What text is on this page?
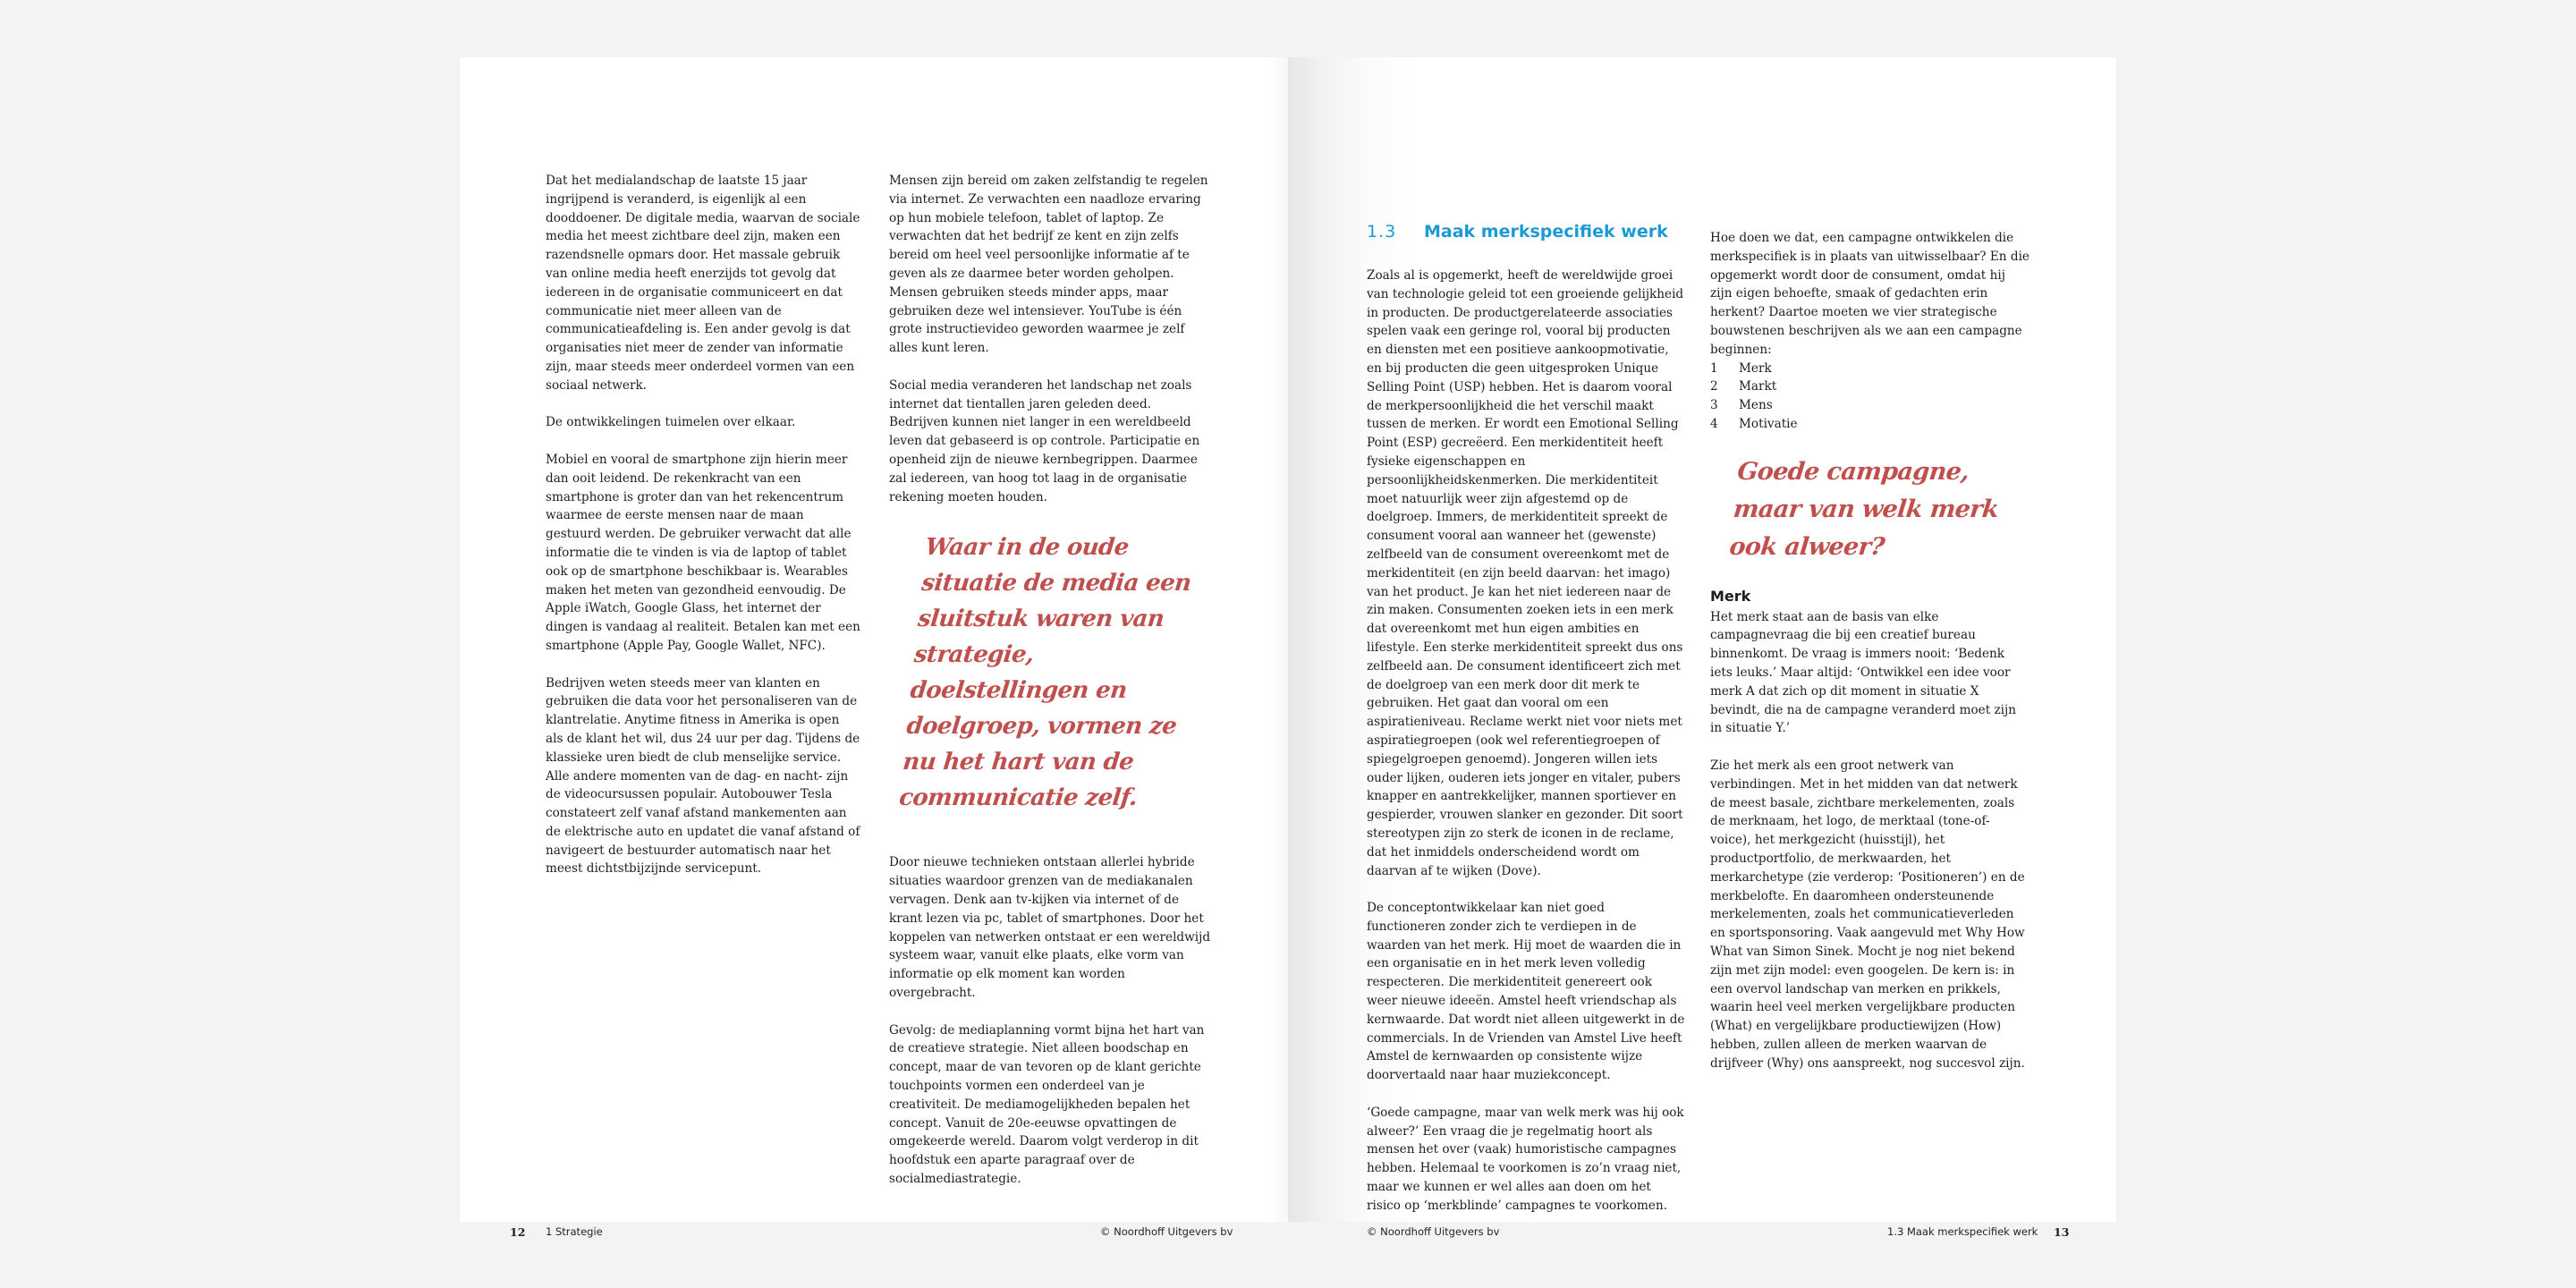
Dat het medialandschap de laatste 15 jaar ingrijpend is veranderd, is eigenlijk al een dooddoener. De digitale media, waarvan de sociale media het meest zichtbare deel zijn, maken een razendsnelle opmars door. Het massale gebruik van online media heeft enerzijds tot gevolg dat iedereen in de organisatie communiceert en dat communicatie niet meer alleen van de communicatieafdeling is. Een ander gevolg is dat organisaties niet meer de zender van informatie zijn, maar steeds meer onderdeel vormen van een sociaal netwerk.

De ontwikkelingen tuimelen over elkaar.

Mobiel en vooral de smartphone zijn hierin meer dan ooit leidend. De rekenkracht van een smartphone is groter dan van het rekencentrum waarmee de eerste mensen naar de maan gestuurd werden. De gebruiker verwacht dat alle informatie die te vinden is via de laptop of tablet ook op de smartphone beschikbaar is. Wearables maken het meten van gezondheid eenvoudig. De Apple iWatch, Google Glass, het internet der dingen is vandaag al realiteit. Betalen kan met een smartphone (Apple Pay, Google Wallet, NFC).

Bedrijven weten steeds meer van klanten en gebruiken die data voor het personaliseren van de klantrelatie. Anytime fitness in Amerika is open als de klant het wil, dus 24 uur per dag. Tijdens de klassieke uren biedt de club menselijke service. Alle andere momenten van de dag- en nacht- zijn de videocursussen populair. Autobouwer Tesla constateert zelf vanaf afstand mankementen aan de elektrische auto en updatet die vanaf afstand of navigeert de bestuurder automatisch naar het meest dichtstbijzijnde servicepunt.

Mensen zijn bereid om zaken zelfstandig te regelen via internet. Ze verwachten een naadloze ervaring op hun mobiele telefoon, tablet of laptop. Ze verwachten dat het bedrijf ze kent en zijn zelfs bereid om heel veel persoonlijke informatie af te geven als ze daarmee beter worden geholpen. Mensen gebruiken steeds minder apps, maar gebruiken deze wel intensiever. YouTube is één grote instructievideo geworden waarmee je zelf alles kunt leren.

Social media veranderen het landschap net zoals internet dat tientallen jaren geleden deed. Bedrijven kunnen niet langer in een wereldbeeld leven dat gebaseerd is op controle. Participatie en openheid zijn de nieuwe kernbegrippen. Daarmee zal iedereen, van hoog tot laag in de organisatie rekening moeten houden.

Waar in de oude situatie de media een sluitstuk waren van strategie, doelstellingen en doelgroep, vormen ze nu het hart van de communicatie zelf.

Door nieuwe technieken ontstaan allerlei hybride situaties waardoor grenzen van de mediakanalen vervagen. Denk aan tv-kijken via internet of de krant lezen via pc, tablet of smartphones. Door het koppelen van netwerken ontstaat er een wereldwijd systeem waar, vanuit elke plaats, elke vorm van informatie op elk moment kan worden overgebracht.

Gevolg: de mediaplanning vormt bijna het hart van de creatieve strategie. Niet alleen boodschap en concept, maar de van tevoren op de klant gerichte touchpoints vormen een onderdeel van je creativiteit. De mediamogelijkheden bepalen het concept. Vanuit de 20e-eeuwse opvattingen de omgekeerde wereld. Daarom volgt verderop in dit hoofdstuk een aparte paragraaf over de socialmediastrategie.

12 1 Strategie	© Noordhoff Uitgevers bv
1.3 Maak merkspecifiek werk

Zoals al is opgemerkt, heeft de wereldwijde groei van technologie geleid tot een groeiende gelijkheid in producten. De productgerelateerde associaties spelen vaak een geringe rol, vooral bij producten en diensten met een positieve aankoopmotivatie, en bij producten die geen uitgesproken Unique Selling Point (USP) hebben. Het is daarom vooral de merkpersoonlijkheid die het verschil maakt tussen de merken. Er wordt een Emotional Selling Point (ESP) gecreëerd. Een merkidentiteit heeft fysieke eigenschappen en persoonlijkheidskenmerken. Die merkidentiteit moet natuurlijk weer zijn afgestemd op de doelgroep. Immers, de merkidentiteit spreekt de consument vooral aan wanneer het (gewenste) zelfbeeld van de consument overeenkomt met de merkidentiteit (en zijn beeld daarvan: het imago) van het product. Je kan het niet iedereen naar de zin maken. Consumenten zoeken iets in een merk dat overeenkomt met hun eigen ambities en lifestyle. Een sterke merkidentiteit spreekt dus ons zelfbeeld aan. De consument identificeert zich met de doelgroep van een merk door dit merk te gebruiken. Het gaat dan vooral om een aspiratieniveau. Reclame werkt niet voor niets met aspiratiegroepen (ook wel referentiegroepen of spiegelgroepen genoemd). Jongeren willen iets ouder lijken, ouderen iets jonger en vitaler, pubers knapper en aantrekkelijker, mannen sportiever en gespierder, vrouwen slanker en gezonder. Dit soort stereotypen zijn zo sterk de iconen in de reclame, dat het inmiddels onderscheidend wordt om daarvan af te wijken (Dove).

De conceptontwikkelaar kan niet goed functioneren zonder zich te verdiepen in de waarden van het merk. Hij moet de waarden die in een organisatie en in het merk leven volledig respecteren. Die merkidentiteit genereert ook weer nieuwe ideeën. Amstel heeft vriendschap als kernwaarde. Dat wordt niet alleen uitgewerkt in de commercials. In de Vrienden van Amstel Live heeft Amstel de kernwaarden op consistente wijze doorvertaald naar haar muziekconcept.

‘Goede campagne, maar van welk merk was hij ook alweer?’ Een vraag die je regelmatig hoort als mensen het over (vaak) humoristische campagnes hebben. Helemaal te voorkomen is zo’n vraag niet, maar we kunnen er wel alles aan doen om het risico op ‘merkblinde’ campagnes te voorkomen.

Hoe doen we dat, een campagne ontwikkelen die merkspecifiek is in plaats van uitwisselbaar? En die opgemerkt wordt door de consument, omdat hij zijn eigen behoefte, smaak of gedachten erin herkent? Daartoe moeten we vier strategische bouwstenen beschrijven als we aan een campagne beginnen:

1	Merk
2	Markt
3	Mens
4	Motivatie
Goede campagne, maar van welk merk ook alweer?
Merk

Het merk staat aan de basis van elke campagnevraag die bij een creatief bureau binnenkomt. De vraag is immers nooit: ‘Bedenk iets leuks.’ Maar altijd: ‘Ontwikkel een idee voor merk A dat zich op dit moment in situatie X bevindt, die na de campagne veranderd moet zijn in situatie Y.’

Zie het merk als een groot netwerk van verbindingen. Met in het midden van dat netwerk de meest basale, zichtbare merkelementen, zoals de merknaam, het logo, de merktaal (tone-of-voice), het merkgezicht (huisstijl), het productportfolio, de merkwaarden, het merkarchetype (zie verderop: ‘Positioneren’) en de merkbelofte. En daaromheen ondersteunende merkelementen, zoals het communicatieverleden en sportsponsoring. Vaak aangevuld met Why How What van Simon Sinek. Mocht je nog niet bekend zijn met zijn model: even googelen. De kern is: in een overvol landschap van merken en prikkels, waarin heel veel merken vergelijkbare producten (What) en vergelijkbare productiewijzen (How) hebben, zullen alleen de merken waarvan de drijfveer (Why) ons aanspreekt, nog succesvol zijn.

© Noordhoff Uitgevers bv	1.3 Maak merkspecifiek werk 13
